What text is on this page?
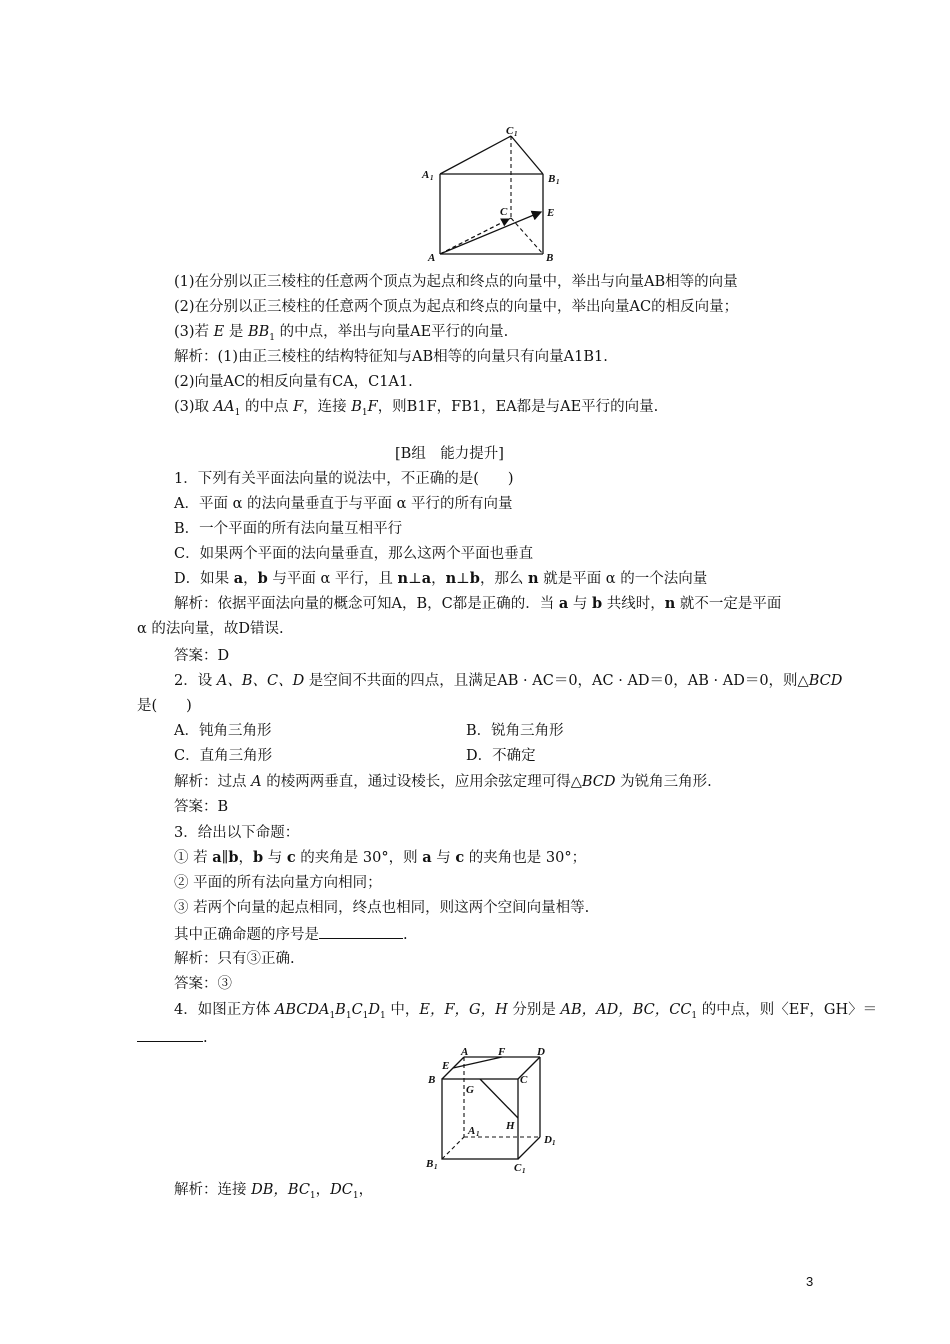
C 1
A 1	B 1
C	E
A	B
(1)在分别以正三棱柱的任意两个顶点为起点和终点的向量中，举出与向量AB相等的向量
(2)在分别以正三棱柱的任意两个顶点为起点和终点的向量中，举出向量AC的相反向量；
(3)若 E 是 $BB_1$ 的中点，举出与向量AE平行的向量.
解析：(1)由正三棱柱的结构特征知与AB相等的向量只有向量A1B1.
(2)向量AC的相反向量有CA，C1A1.
(3)取 $AA_1$ 的中点 F，连接 $B_1F$，则B1F，FB1，EA都是与AE平行的向量.
[B组　能力提升]
1．下列有关平面法向量的说法中，不正确的是(　　)
A．平面 α 的法向量垂直于与平面 α 平行的所有向量
B．一个平面的所有法向量互相平行
C．如果两个平面的法向量垂直，那么这两个平面也垂直
D．如果 a，b 与平面 α 平行，且 n⊥a，n⊥b，那么 n 就是平面 α 的一个法向量
解析：依据平面法向量的概念可知A，B，C都是正确的．当 a 与 b 共线时，n 就不一定是平面
α 的法向量，故D错误.
答案：D
2．设 A、B、C、D 是空间不共面的四点，且满足AB · AC＝0，AC · AD＝0，AB · AD＝0，则△BCD
是(　　)
A．钝角三角形	B．锐角三角形
C．直角三角形	D．不确定
解析：过点 A 的棱两两垂直，通过设棱长，应用余弦定理可得△BCD 为锐角三角形.
答案：B
3．给出以下命题：
① 若 a∥b，b 与 c 的夹角是 30°，则 a 与 c 的夹角也是 30°；
② 平面的所有法向量方向相同；
③ 若两个向量的起点相同，终点也相同，则这两个空间向量相等.
其中正确命题的序号是	.
解析：只有③正确.
答案：③
4．如图正方体 $ABCDA_1B_1C_1D_1$ 中，E，F，G，H 分别是 AB，AD，BC，$CC_1$ 的中点，则〈EF，GH〉＝
.
A	F	D
E
B	C
G
H
A 1	D 1
B 1	C 1
解析：连接 DB，$BC_1$，$DC_1$，
3
